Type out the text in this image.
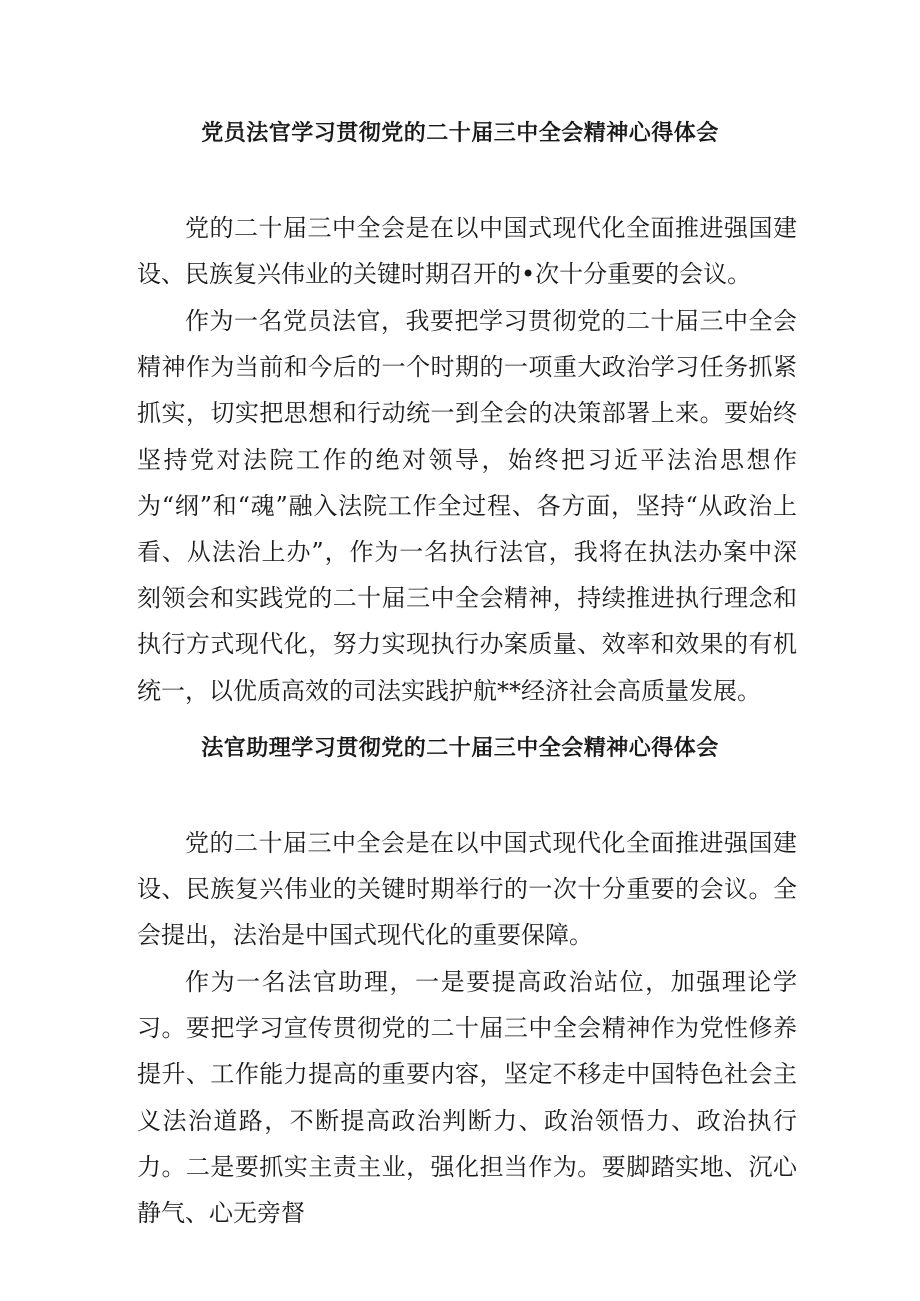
党员法官学习贯彻党的二十届三中全会精神心得体会

党的二十届三中全会是在以中国式现代化全面推进强国建设、民族复兴伟业的关键时期召开的•次十分重要的会议。

作为一名党员法官，我要把学习贯彻党的二十届三中全会精神作为当前和今后的一个时期的一项重大政治学习任务抓紧抓实，切实把思想和行动统一到全会的决策部署上来。要始终坚持党对法院工作的绝对领导，始终把习近平法治思想作为“纲”和“魂”融入法院工作全过程、各方面，坚持“从政治上看、从法治上办”，作为一名执行法官，我将在执法办案中深刻领会和实践党的二十届三中全会精神，持续推进执行理念和执行方式现代化，努力实现执行办案质量、效率和效果的有机统一，以优质高效的司法实践护航**经济社会高质量发展。

法官助理学习贯彻党的二十届三中全会精神心得体会

党的二十届三中全会是在以中国式现代化全面推进强国建设、民族复兴伟业的关键时期举行的一次十分重要的会议。全会提出，法治是中国式现代化的重要保障。

作为一名法官助理，一是要提高政治站位，加强理论学习。要把学习宣传贯彻党的二十届三中全会精神作为党性修养提升、工作能力提高的重要内容，坚定不移走中国特色社会主义法治道路，不断提高政治判断力、政治领悟力、政治执行力。二是要抓实主责主业，强化担当作为。要脚踏实地、沉心静气、心无旁督
